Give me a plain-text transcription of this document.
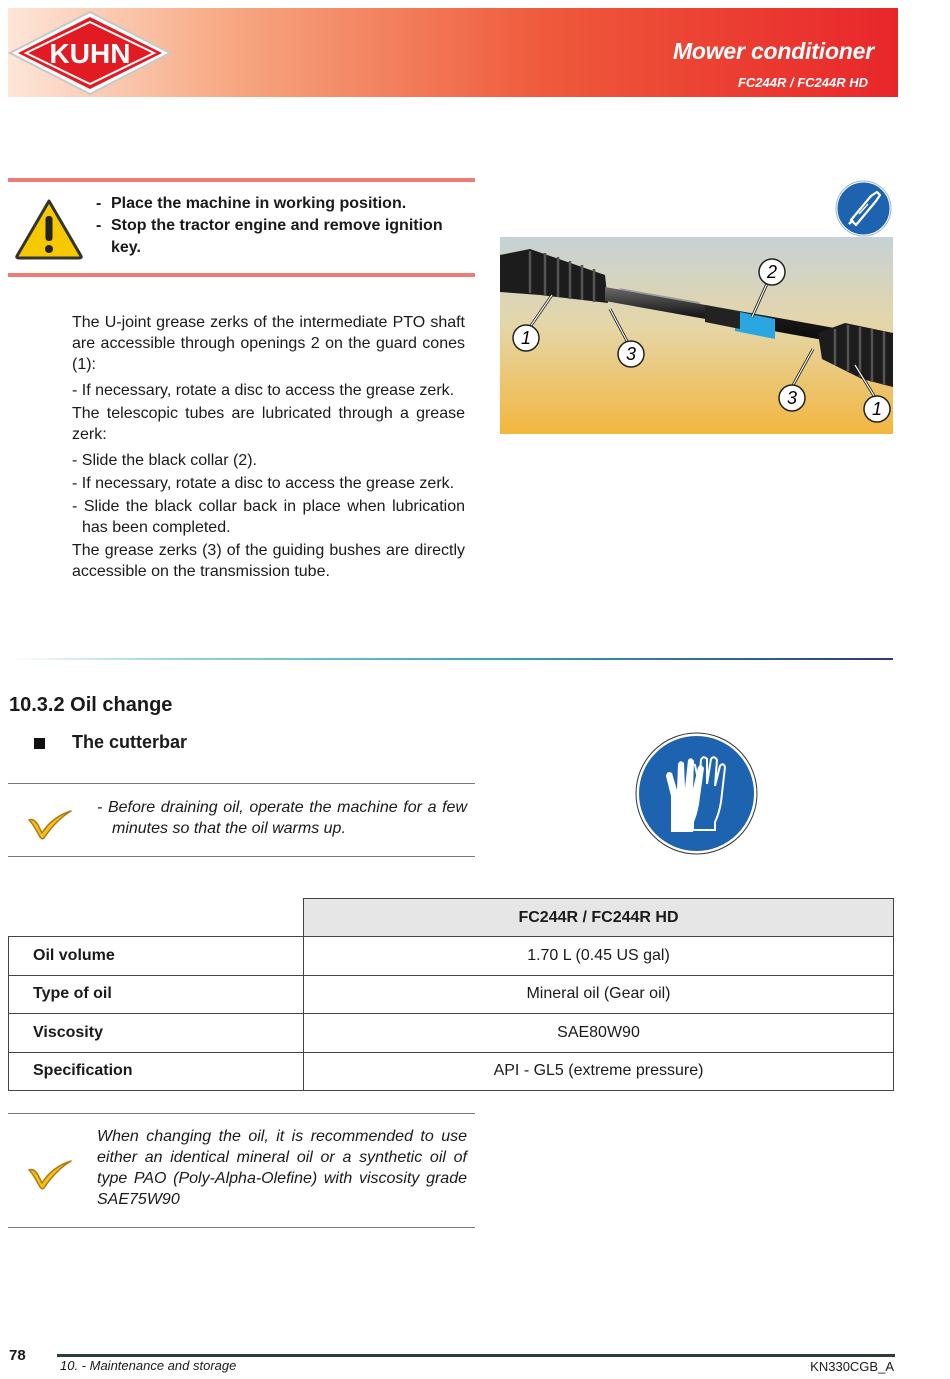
KUHN	Mower conditioner
FC244R / FC244R HD
- Place the machine in working position.
- Stop the tractor engine and remove ignition key.

The U-joint grease zerks of the intermediate PTO shaft are accessible through openings 2 on the guard cones (1):

- If necessary, rotate a disc to access the grease zerk.

The telescopic tubes are lubricated through a grease zerk:

- Slide the black collar (2).

- If necessary, rotate a disc to access the grease zerk.

- Slide the black collar back in place when lubrication has been completed.

The grease zerks (3) of the guiding bushes are directly accessible on the transmission tube.

1
2
3
3
1
10.3.2 Oil change
The cutterbar

- Before draining oil, operate the machine for a few minutes so that the oil warms up.

	FC244R / FC244R HD
Oil volume	1.70 L (0.45 US gal)
Type of oil	Mineral oil (Gear oil)
Viscosity	SAE80W90
Specification	API - GL5 (extreme pressure)

When changing the oil, it is recommended to use either an identical mineral oil or a synthetic oil of type PAO (Poly-Alpha-Olefine) with viscosity grade SAE75W90

78
10. - Maintenance and storage	KN330CGB_A
